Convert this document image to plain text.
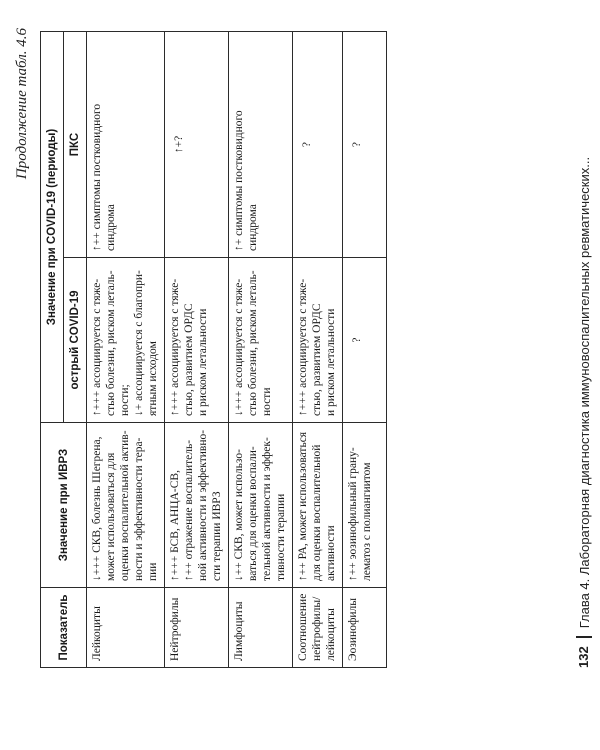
Продолжение табл. 4.6
Показатель	Значение при ИВРЗ	Значение при COVID-19 (периоды)	
		острый COVID-19	ПКС

Лейкоциты	↓+++ СКВ, болезнь Шегрена, может использоваться для оценки воспалительной актив- ности и эффективности тера- пии	↑+++ ассоциируется с тяже- стью болезни, риском леталь- ности; ↓+ ассоциируется с благопри- ятным исходом	↑++ симптомы постковидного синдрома

Нейтрофилы	↑+++ БСВ, АНЦА-СВ, ↑++ отражение воспалитель- ной активности и эффективно- сти терапии ИВРЗ	↑+++ ассоциируется с тяже- стью, развитием ОРДС и риском летальности	↑+?

Лимфоциты	↓++ СКВ, может использо- ваться для оценки воспали- тельной активности и эффек- тивности терапии	↓+++ ассоциируется с тяже- стью болезни, риском леталь- ности	↑+ симптомы постковидного синдрома

Соотношение нейтрофилы/ лейкоциты	↑++ РА, может использоваться для оценки воспалительной активности	↑+++ ассоциируется с тяже- стью, развитием ОРДС и риском летальности	?

Эозинофилы	↑++ эозинофильный грану- лематоз с полиангиитом	?	?
132
Глава 4. Лабораторная диагностика иммуновоспалительных ревматических...
